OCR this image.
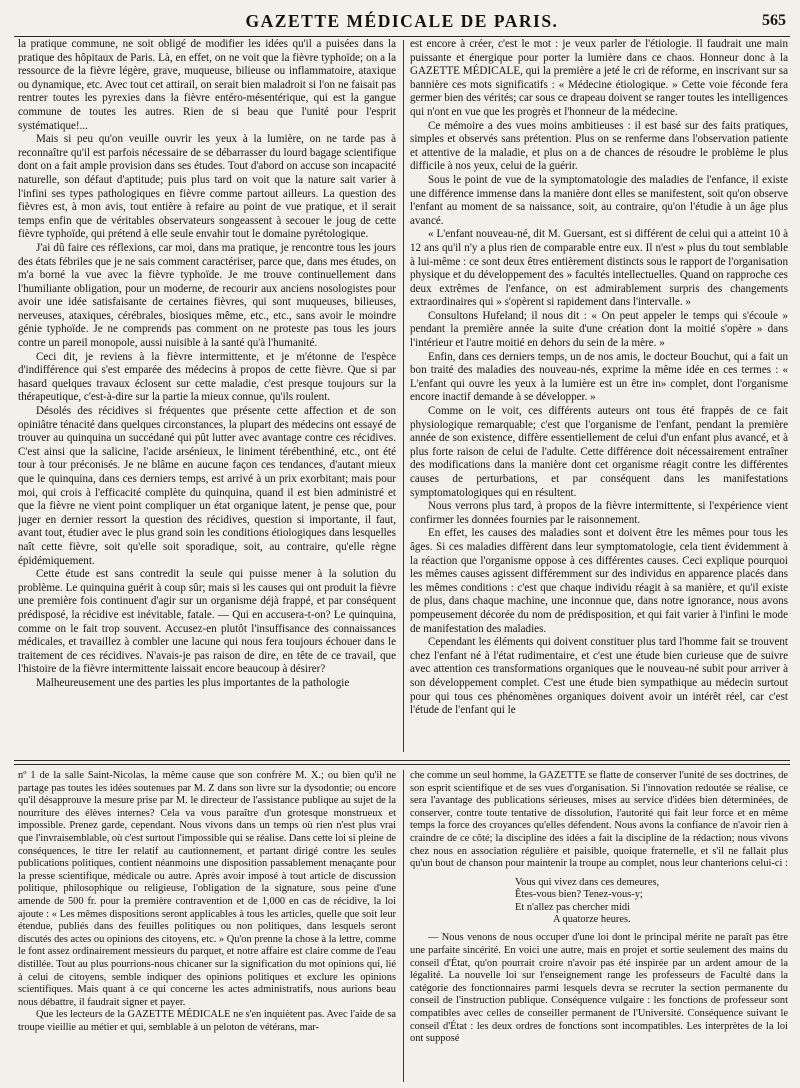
GAZETTE MÉDICALE DE PARIS.	565

la pratique commune, ne soit obligé de modifier les idées qu'il a puisées dans la pratique des hôpitaux de Paris. Là, en effet, on ne voit que la fièvre typhoïde; on a la ressource de la fièvre légère, grave, muqueuse, bilieuse ou inflammatoire, ataxique ou dynamique, etc. Avec tout cet attirail, on serait bien maladroit si l'on ne faisait pas rentrer toutes les pyrexies dans la fièvre entéro-mésentérique, qui est la gangue commune de toutes les autres. Rien de si beau que l'unité pour l'esprit systématique!...

Mais si peu qu'on veuille ouvrir les yeux à la lumière, on ne tarde pas à reconnaître qu'il est parfois nécessaire de se débarrasser du lourd bagage scientifique dont on a fait ample provision dans ses études. Tout d'abord on accuse son incapacité naturelle, son défaut d'aptitude; puis plus tard on voit que la nature sait varier à l'infini ses types pathologiques en fièvre comme partout ailleurs. La question des fièvres est, à mon avis, tout entière à refaire au point de vue pratique, et il serait temps enfin que de véritables observateurs songeassent à secouer le joug de cette fièvre typhoïde, qui prétend à elle seule envahir tout le domaine pyrétologique.

J'ai dû faire ces réflexions, car moi, dans ma pratique, je rencontre tous les jours des états fébriles que je ne sais comment caractériser, parce que, dans mes études, on m'a borné la vue avec la fièvre typhoïde. Je me trouve continuellement dans l'humiliante obligation, pour un moderne, de recourir aux anciens nosologistes pour avoir une idée satisfaisante de certaines fièvres, qui sont muqueuses, bilieuses, nerveuses, ataxiques, cérébrales, biosiques même, etc., etc., sans avoir le moindre génie typhoïde. Je ne comprends pas comment on ne proteste pas tous les jours contre un pareil monopole, aussi nuisible à la santé qu'à l'humanité.

Ceci dit, je reviens à la fièvre intermittente, et je m'étonne de l'espèce d'indifférence qui s'est emparée des médecins à propos de cette fièvre. Que si par hasard quelques travaux éclosent sur cette maladie, c'est presque toujours sur la thérapeutique, c'est-à-dire sur la partie la mieux connue, qu'ils roulent.

Désolés des récidives si fréquentes que présente cette affection et de son opiniâtre ténacité dans quelques circonstances, la plupart des médecins ont essayé de trouver au quinquina un succédané qui pût lutter avec avantage contre ces récidives. C'est ainsi que la salicine, l'acide arsénieux, le liniment térébenthiné, etc., ont été tour à tour préconisés. Je ne blâme en aucune façon ces tendances, d'autant mieux que le quinquina, dans ces derniers temps, est arrivé à un prix exorbitant; mais pour moi, qui crois à l'efficacité complète du quinquina, quand il est bien administré et que la fièvre ne vient point compliquer un état organique latent, je pense que, pour juger en dernier ressort la question des récidives, question si importante, il faut, avant tout, étudier avec le plus grand soin les conditions étiologiques dans lesquelles naît cette fièvre, soit qu'elle soit sporadique, soit, au contraire, qu'elle règne épidémiquement.

Cette étude est sans contredit la seule qui puisse mener à la solution du problème. Le quinquina guérit à coup sûr; mais si les causes qui ont produit la fièvre une première fois continuent d'agir sur un organisme déjà frappé, et par conséquent prédisposé, la récidive est inévitable, fatale. — Qui en accusera-t-on? Le quinquina, comme on le fait trop souvent. Accusez-en plutôt l'insuffisance des connaissances médicales, et travaillez à combler une lacune qui nous fera toujours échouer dans le traitement de ces récidives. N'avais-je pas raison de dire, en tête de ce travail, que l'histoire de la fièvre intermittente laissait encore beaucoup à désirer?

Malheureusement une des parties les plus importantes de la pathologie

est encore à créer, c'est le mot : je veux parler de l'étiologie. Il faudrait une main puissante et énergique pour porter la lumière dans ce chaos. Honneur donc à la GAZETTE MÉDICALE, qui la première a jeté le cri de réforme, en inscrivant sur sa bannière ces mots significatifs : « Médecine étiologique. » Cette voie féconde fera germer bien des vérités; car sous ce drapeau doivent se ranger toutes les intelligences qui n'ont en vue que les progrès et l'honneur de la médecine.

Ce mémoire a des vues moins ambitieuses : il est basé sur des faits pratiques, simples et observés sans prétention. Plus on se renferme dans l'observation patiente et attentive de la maladie, et plus on a de chances de résoudre le problème le plus difficile à nos yeux, celui de la guérir.

Sous le point de vue de la symptomatologie des maladies de l'enfance, il existe une différence immense dans la manière dont elles se manifestent, soit qu'on observe l'enfant au moment de sa naissance, soit, au contraire, qu'on l'étudie à un âge plus avancé.

« L'enfant nouveau-né, dit M. Guersant, est si différent de celui qui a atteint 10 à 12 ans qu'il n'y a plus rien de comparable entre eux. Il n'est » plus du tout semblable à lui-même : ce sont deux êtres entièrement distincts sous le rapport de l'organisation physique et du développement des » facultés intellectuelles. Quand on rapproche ces deux extrêmes de l'enfance, on est admirablement surpris des changements extraordinaires qui » s'opèrent si rapidement dans l'intervalle. »

Consultons Hufeland; il nous dit : « On peut appeler le temps qui s'écoule » pendant la première année la suite d'une création dont la moitié s'opère » dans l'intérieur et l'autre moitié en dehors du sein de la mère. »

Enfin, dans ces derniers temps, un de nos amis, le docteur Bouchut, qui a fait un bon traité des maladies des nouveau-nés, exprime la même idée en ces termes : « L'enfant qui ouvre les yeux à la lumière est un être in» complet, dont l'organisme encore inactif demande à se développer. »

Comme on le voit, ces différents auteurs ont tous été frappés de ce fait physiologique remarquable; c'est que l'organisme de l'enfant, pendant la première année de son existence, diffère essentiellement de celui d'un enfant plus avancé, et à plus forte raison de celui de l'adulte. Cette différence doit nécessairement entraîner des modifications dans la manière dont cet organisme réagit contre les différentes causes de perturbations, et par conséquent dans les manifestations symptomatologiques qui en résultent.

Nous verrons plus tard, à propos de la fièvre intermittente, si l'expérience vient confirmer les données fournies par le raisonnement.

En effet, les causes des maladies sont et doivent être les mêmes pour tous les âges. Si ces maladies diffèrent dans leur symptomatologie, cela tient évidemment à la réaction que l'organisme oppose à ces différentes causes. Ceci explique pourquoi les mêmes causes agissent différemment sur des individus en apparence placés dans les mêmes conditions : c'est que chaque individu réagit à sa manière, et qu'il existe de plus, dans chaque machine, une inconnue que, dans notre ignorance, nous avons pompeusement décorée du nom de prédisposition, et qui fait varier à l'infini le mode de manifestation des maladies.

Cependant les éléments qui doivent constituer plus tard l'homme fait se trouvent chez l'enfant né à l'état rudimentaire, et c'est une étude bien curieuse que de suivre avec attention ces transformations organiques que le nouveau-né subit pour arriver à son développement complet. C'est une étude bien sympathique au médecin surtout pour qui tous ces phénomènes organiques doivent avoir un intérêt réel, car c'est l'étude de l'enfant qui le

nº 1 de la salle Saint-Nicolas, la même cause que son confrère M. X.; ou bien qu'il ne partage pas toutes les idées soutenues par M. Z dans son livre sur la dysodontie; ou encore qu'il désapprouve la mesure prise par M. le directeur de l'assistance publique au sujet de la nourriture des élèves internes? Cela va vous paraître d'un grotesque monstrueux et impossible. Prenez garde, cependant. Nous vivons dans un temps où rien n'est plus vrai que l'invraisemblable, où c'est surtout l'impossible qui se réalise. Dans cette loi si pleine de conséquences, le titre Ier relatif au cautionnement, et partant dirigé contre les seules publications politiques, contient néanmoins une disposition passablement menaçante pour la presse scientifique, médicale ou autre. Après avoir imposé à tout article de discussion politique, philosophique ou religieuse, l'obligation de la signature, sous peine d'une amende de 500 fr. pour la première contravention et de 1,000 en cas de récidive, la loi ajoute : « Les mêmes dispositions seront applicables à tous les articles, quelle que soit leur étendue, publiés dans des feuilles politiques ou non politiques, dans lesquels seront discutés des actes ou opinions des citoyens, etc. » Qu'on prenne la chose à la lettre, comme le font assez ordinairement messieurs du parquet, et notre affaire est claire comme de l'eau distillée. Tout au plus pourrions-nous chicaner sur la signification du mot opinions qui, lié à celui de citoyens, semble indiquer des opinions politiques et exclure les opinions scientifiques. Mais quant à ce qui concerne les actes administratifs, nous aurions beau nous débattre, il faudrait signer et payer.

Que les lecteurs de la GAZETTE MÉDICALE ne s'en inquiètent pas. Avec l'aide de sa troupe vieillie au métier et qui, semblable à un peloton de vétérans, mar-

che comme un seul homme, la GAZETTE se flatte de conserver l'unité de ses doctrines, de son esprit scientifique et de ses vues d'organisation. Si l'innovation redoutée se réalise, ce sera l'avantage des publications sérieuses, mises au service d'idées bien déterminées, de conserver, contre toute tentative de dissolution, l'autorité qui fait leur force et en même temps la force des croyances qu'elles défendent. Nous avons la confiance de n'avoir rien à craindre de ce côté; la discipline des idées a fait la discipline de la rédaction; nous vivons chez nous en association régulière et paisible, quoique fraternelle, et s'il ne fallait plus qu'un bout de chanson pour maintenir la troupe au complet, nous leur chanterions celui-ci :

Vous qui vivez dans ces demeures,
Êtes-vous bien? Tenez-vous-y;
Et n'allez pas chercher midi
A quatorze heures.

— Nous venons de nous occuper d'une loi dont le principal mérite ne paraît pas être une parfaite sincérité. En voici une autre, mais en projet et sortie seulement des mains du conseil d'État, qu'on pourrait croire n'avoir pas été inspirée par un ardent amour de la légalité. La nouvelle loi sur l'enseignement range les professeurs de Faculté dans la catégorie des fonctionnaires parmi lesquels devra se recruter la section permanente du conseil de l'instruction publique. Conséquence vulgaire : les fonctions de professeur sont compatibles avec celles de conseiller permanent de l'Université. Conséquence suivant le conseil d'État : les deux ordres de fonctions sont incompatibles. Les interprètes de la loi ont supposé
